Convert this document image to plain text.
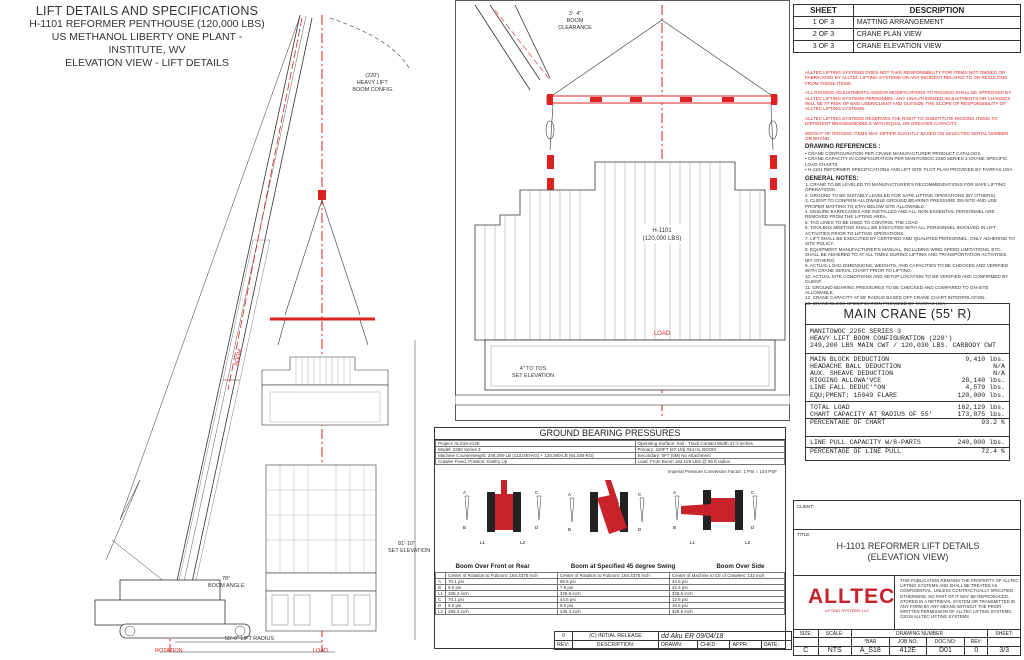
LIFT DETAILS AND SPECIFICATIONS
H-1101 REFORMER PENTHOUSE (120,000 LBS)
US METHANOL LIBERTY ONE PLANT - INSTITUTE, WV
ELEVATION VIEW - LIFT DETAILS
(220') HEAVY LIFT BOOM CONFIG.
BOOM
78° BOOM ANGLE
55'-0" LIFT RADIUS
ROTATION	LOAD
81'-10" SET ELEVATION
3'- 4" BOOM CLEARANCE
H-1101 (120,000 LBS)
LOAD
4" TO TOS SET ELEVATION
SHEET	DESCRIPTION
1 OF 3	MATTING ARRANGEMENT
2 OF 3	CRANE PLAN VIEW
3 OF 3	CRANE ELEVATION VIEW
ALLTEC LIFTING SYSTEMS DOES NOT TAKE RESPONSIBILITY FOR ITEMS NOT OWNED OR FABRICATED BY ALLTEC LIFTING SYSTEMS OR ANY INCIDENT RELATED TO OR RESULTING FROM THOSE ITEMS
ALL RIGGING ADJUSTMENTS AND/OR MODIFICATIONS TO RIGGING SHALL BE APPROVED BY ALLTEC LIFTING SYSTEMS PERSONNEL. ANY UNAUTHORIZED ADJUSTMENTS OR CHANGES WILL BE AT RISK OF END USER/CLIENT AND OUTSIDE THE SCOPE OF RESPONSIBILITY OF ALLTEC LIFTING SYSTEMS.
ALLTEC LIFTING SYSTEMS RESERVES THE RIGHT TO SUBSTITUTE RIGGING ITEMS TO DIFFERENT BRANDS/MODELS WITH EQUAL OR GREATER CAPACITY.
WEIGHT OF RIGGING ITEMS MAY DIFFER SLIGHTLY BASED ON SELECTED SERIAL NUMBER OR BRAND.
DRAWING REFERENCES :
• CRANE CONFIGURATION PER CRANE MANUFACTURER PRODUCT CATALOGS
• CRANE CAPACITY IN CONFIGURATION PER MANITOWOC 2250 SERIES 3 CRANE SPECIFIC LOAD CHARTS
• H-1101 REFORMER SPECIFICATIONS AND LIFT SITE PLOT PLAN PROVIDED BY FAIRFAX USA.
GENERAL NOTES:
1. CRANE TO BE LEVELED TO MANUFACTURER'S RECOMMENDATIONS FOR SAFE LIFTING OPERATIONS.
2. GROUND TO BE SUITABLY LEVELED FOR SAFE LIFTING OPERATIONS (BY OTHERS).
3. CLIENT TO CONFIRM ALLOWABLE GROUND BEARING PRESSURE ON-SITE AND USE PROPER MATTING TO STAY BELOW SITE ALLOWABLE.
4. ENSURE BARRICADES ARE INSTALLED AND ALL NON-ESSENTIAL PERSONNEL ARE REMOVED FROM THE LIFTING AREA.
5. TAG LINES TO BE USED TO CONTROL THE LOAD
6. TOOLBOX MEETING SHALL BE EXECUTED WITH ALL PERSONNEL INVOLVED IN LIFT ACTIVITIES PRIOR TO LIFTING OPERATIONS.
7. LIFT SHALL BE EXECUTED BY CERTIFIED AND QUALIFIED PERSONNEL, ONLY ADHERING TO SITE POLICY.
8. EQUIPMENT MANUFACTURER'S MANUAL, INCLUDING WIND SPEED LIMITATIONS, ETC. SHALL BE ADHERED TO AT ALL TIMES DURING LIFTING AND TRANSPORTATION ACTIVITIES. (BY OTHERS)
9. ACTUAL LOAD DIMENSIONS, WEIGHTS, AND CAPACITIES TO BE CHECKED AND VERIFIED WITH CRANE SERIAL CHART PRIOR TO LIFTING.
10. ACTUAL SITE CONDITIONS AND SETUP LOCATION TO BE VERIFIED AND CONFIRMED BY CLIENT.
11. GROUND BEARING PRESSURES TO BE CHECKED AND COMPARED TO ON-SITE ALLOWABLE.
12. CRANE CAPACITY AT 55' RADIUS BASED OFF CRANE CHART INTERPOLATION.
13. CRANE BLOCK SPECIFICATION PROVIDED BY FAIRFAX USA.
MAIN CRANE (55' R)
MANITOWOC 225C SERIES 3
HEAVY LIFT BOOM CONFIGURATION (220')
249,200 LBS MAIN CWT / 120,030 LBS. CARBODY CWT
MAIN BLOCK DEDUCTION	9,410 lbs.
HEADACHE BALL DEDUCTION	N/A
AUX. SHEAVE DEDUCTION	N/A
RIGGING ALLOWA'VCE	28,140 lbs.
LINE FALL DEDUC'"ON	4,579 lbs.
EQU;PMENT: 15049 FLARE	120,000 lbs.
TOTAL LOAD	162,129 lbs.
CHART CAPACITY AT RADIUS OF 55'	173,875 lbs.
PERCENTAGE OF CHART	93.2 %
LINE PULL CAPACITY W/8-PARTS	240,000 lbs.
PERCENTAGE OF LINE PULL	72.4 %
GROUND BEARING PRESSURES
Project: ALS18-412E	Operating Surface: Soil - Track Contact Width 47.3 inches
Model: 2250 Series 3	Primary: 220FT (67.1M) #44 HL BOOM
Machine Counterweight: 249,200-LB (113,040-KG) + 120,000-LB (54,430-KG)	Secondary: 0FT (0M) No Attachment
Crawler Fixed, Position: Gantry Up	Load: From Boom 162,129 LBS @ 55 ft radius
Imperial Pressure Conversion Factor: 1 PSI = 144 PSF
A	C
B	D
L1	L2
A	C
B	D
A	C
B	D
L1	L2
Boom Over Front or Rear	Boom at Specified 45 degree Swing	Boom Over Side
	Center of Rotation to Fulcrum: 184.4375 inch	Center of Rotation to Fulcrum: 184.4375 inch	Center of Machine to Ctr of Crawlers: 132 inch
A	70.1 psi	69.6 psi	44.5 psi
B	9.0 psi	7.8 psi	42.4 psi
L1	258.3 inch	326.9 inch	328.5 inch
C	70.1 psi	44.5 psi	12.6 psi
D	9.0 psi	9.0 psi	10.6 psi
L2	258.3 inch	236.3 inch	328.5 inch
CLIENT:
TITLE:
H-1101 REFORMER LIFT DETAILS
(ELEVATION VIEW)
ALLTEC
LIFTING SYSTEMS LLC
THIS PUBLICATION REMAINS THE PROPERTY OF ALLTEC LIFTING SYSTEMS AND SHALL BE TREATED AS CONFIDENTIAL, UNLESS CONTRACTUALLY SPECIFIED OTHERWISE. NO PART OF IT MAY BE REPRODUCED, STORED IN A RETRIEVAL SYSTEM OR TRANSMITTED IN ANY FORM BY ANY MEANS WITHOUT THE PRIOR WRITTEN PERMISSION OF ALLTEC LIFTING SYSTEMS. ©2018 ALLTEC LIFTING SYSTEMS
SIZE:	SCALE:	DRAWING NUMBER				SHEET:
		*BAR	JOB NO:	DOC NO:	REV:	
C	NTS	A_S18	412E	D01	0	3/3
0	(C) INITIAL RELEASE	dd Aku ER 09/04/18			
REV:	DESCRIPTION:	DRAWN:	CHKD:	APPR:	DATE:
